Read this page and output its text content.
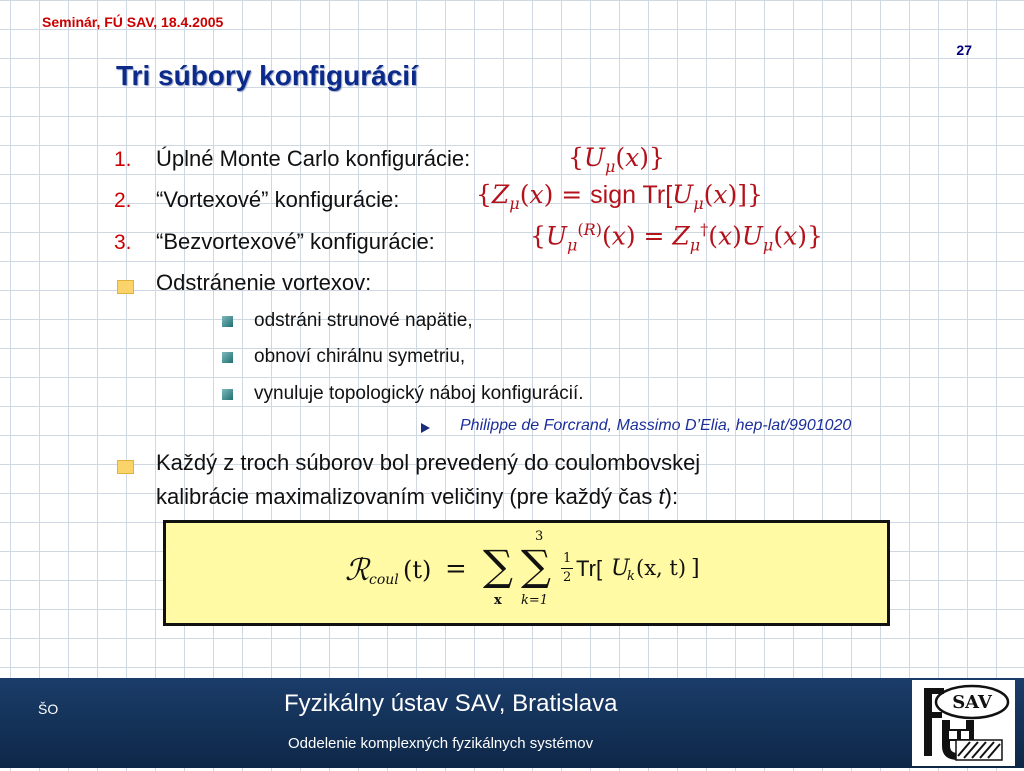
Seminár, FÚ SAV, 18.4.2005
27
Tri súbory konfigurácií
1. Úplné Monte Carlo konfigurácie:	$\{U_\mu(x)\}$
2. “Vortexové” konfigurácie:	{$Z_\mu(x)$ = sign $Tr[U_\mu(x)]$}
3. “Bezvortexové” konfigurácie:	$\{U_\mu^{(R)}(x) = Z_\mu^\dagger(x)U_\mu(x)\}$
Odstránenie vortexov:
odstráni strunové napätie,
obnoví chirálnu symetriu,
vynuluje topologický náboj konfigurácií.
Philippe de Forcrand, Massimo D’Elia, hep-lat/9901020
Každý z troch súborov bol prevedený do coulombovskej
kalibrácie maximalizovaním veličiny (pre každý čas t):
ℛ coul (t) = ∑
x
3
∑
k=1
1
2 Tr[ U
k (x, t) ]
ŠO	Fyzikálny ústav SAV, Bratislava
Oddelenie komplexných fyzikálnych systémov
SAV
